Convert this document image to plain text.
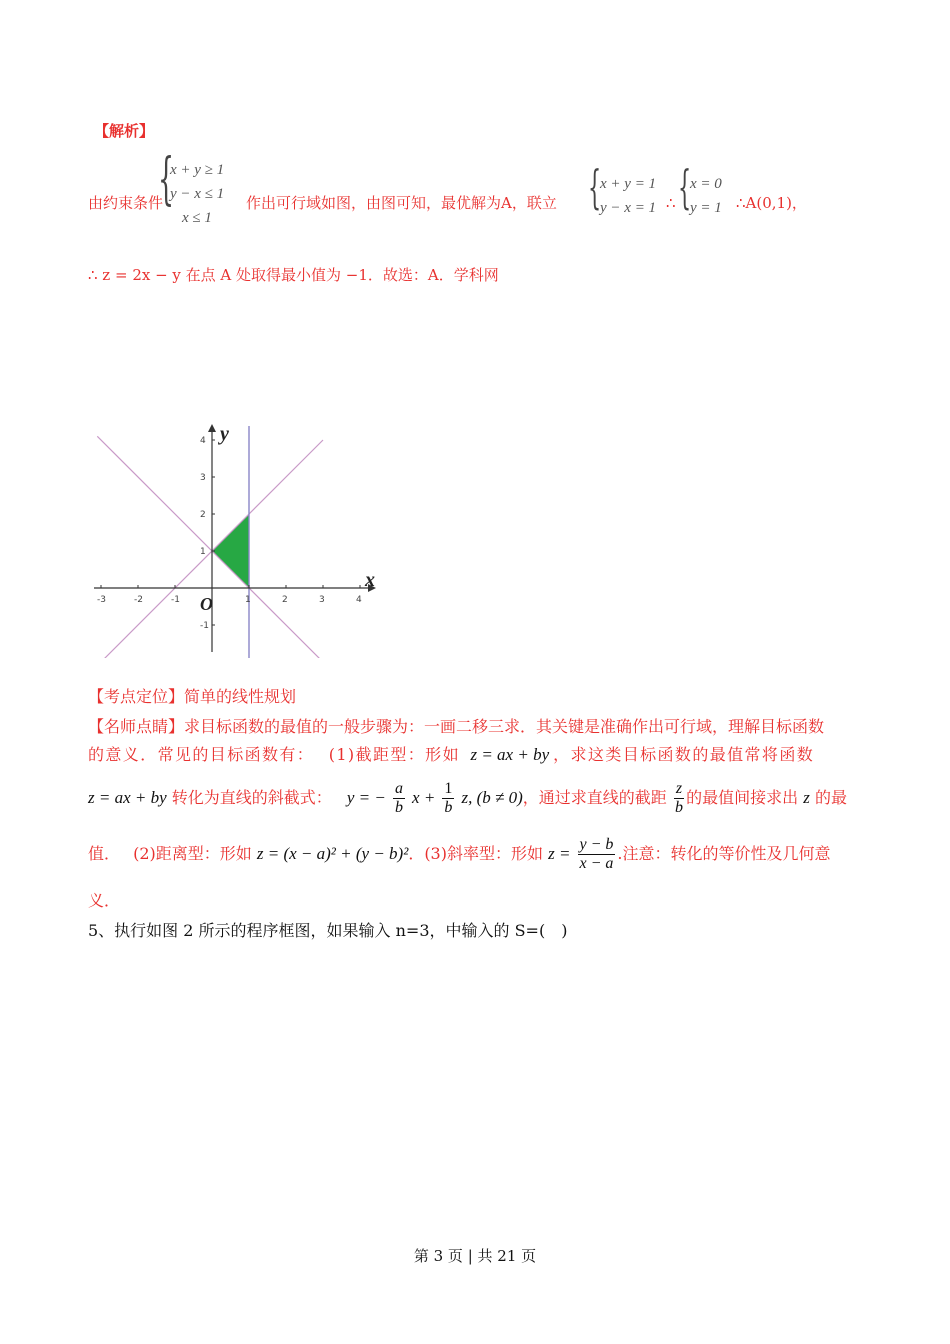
【解析】
由约束条件
{
x + y ≥ 1
y − x ≤ 1
x ≤ 1
作出可行域如图，由图可知，最优解为A，联立 {
x + y = 1
y − x = 1 ∴ {
x = 0
y = 1 ∴A(0,1)，
∴ z = 2x − y 在点 A 处取得最小值为 −1．故选：A．学科网
x
y
O
-3	-2	-1	1	2	3	4
4
3
2
1
-1
【考点定位】简单的线性规划
【名师点睛】求目标函数的最值的一般步骤为：一画二移三求．其关键是准确作出可行域，理解目标函数
的意义．常见的目标函数有： (1)截距型：形如 z = ax + by ，求这类目标函数的最值常将函数
z = ax + by 转化为直线的斜截式： y = − $\frac{a}{b}$ $x + \frac{1}{b} z$, (b ≠ 0)，通过求直线的截距 $\frac{z}{b}$ 的最值间接求出 z 的最
值． (2)距离型：形如 z = (x − a)² + (y − b)²．(3)斜率型：形如 $z = \frac{y - b}{x - a}$ .注意：转化的等价性及几何意
义．
5、执行如图 2 所示的程序框图，如果输入 n=3，中输入的 S=(　)
第 3 页 | 共 21 页
